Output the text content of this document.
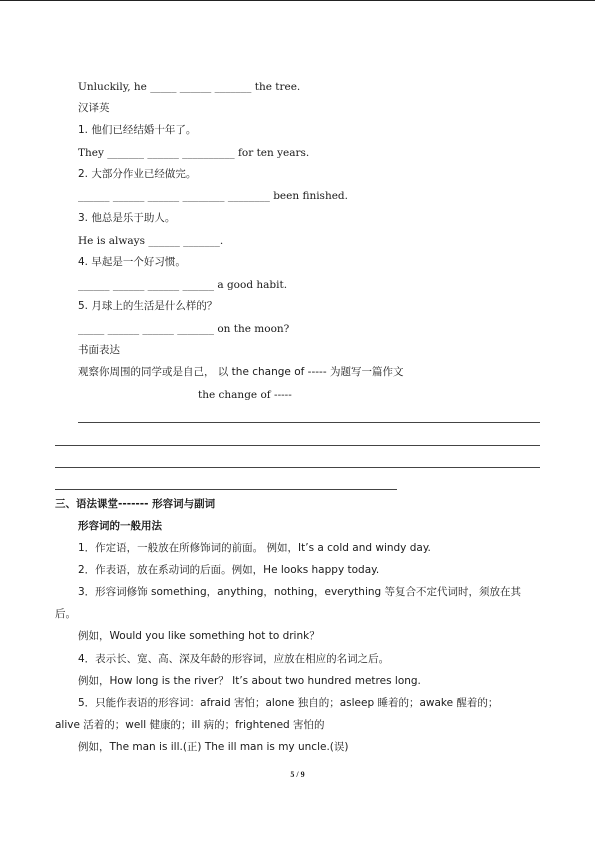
Unluckily, he _____ ______ _______ the tree.
汉译英
1. 他们已经结婚十年了。
They _______ ______ __________ for ten years.
2. 大部分作业已经做完。
______ ______ ______ ________ ________ been finished.
3. 他总是乐于助人。
He is always ______ _______.
4. 早起是一个好习惯。
______ ______ ______ ______ a good habit.
5. 月球上的生活是什么样的？
_____ ______ ______ _______ on the moon?
书面表达
观察你周围的同学或是自己， 以 the change of ----- 为题写一篇作文
the change of -----
三、语法课堂------- 形容词与副词
形容词的一般用法
1．作定语，一般放在所修饰词的前面。 例如，It⁠’s a cold and windy day.
2．作表语，放在系动词的后面。例如，He looks happy today.
3．形容词修饰 something，anything，nothing，everything 等复合不定代词时，须放在其
后。
例如，Would you like something hot to drink？
4．表示长、宽、高、深及年龄的形容词，应放在相应的名词之后。
例如，How long is the river？ It⁠’s about two hundred metres long.
5．只能作表语的形容词：afraid 害怕；alone 独自的；asleep 睡着的；awake 醒着的；
alive 活着的；well 健康的；ill 病的；frightened 害怕的
例如，The man is ill.(正) The ill man is my uncle.(误)
5 / 9
